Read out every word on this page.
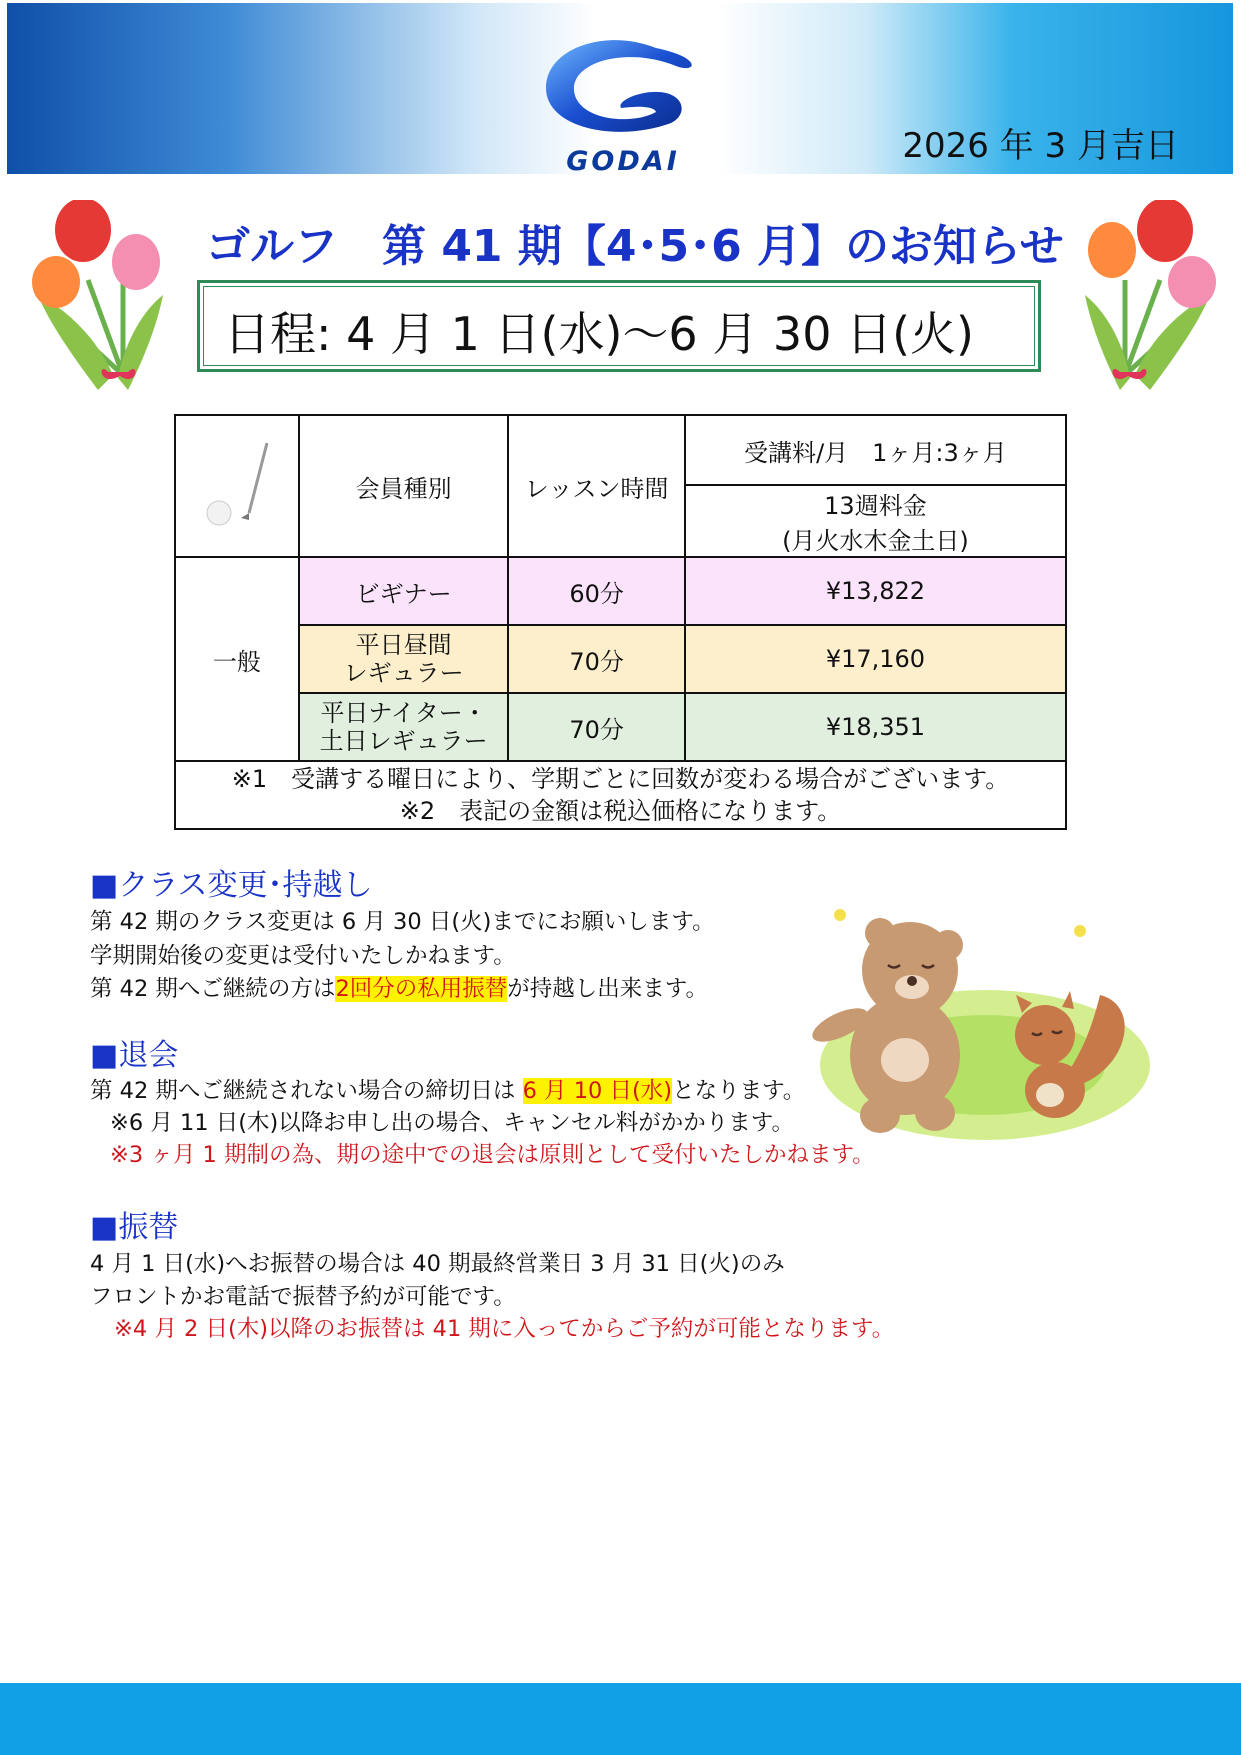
GODAI	2026 年 3 月吉日
ゴルフ　第 41 期【4･5･6 月】のお知らせ
日程: 4 月 1 日(水)～6 月 30 日(火)
	会員種別	レッスン時間	受講料/月　1ヶ月:3ヶ月

			13週料金
(月火水木金土日)

一般	ビギナー	60分	¥13,822

	平日昼間
レギュラー	70分	¥17,160

	平日ナイター・
土日レギュラー	70分	¥18,351

※1　受講する曜日により、学期ごとに回数が変わる場合がございます。
※2　表記の金額は税込価格になります。			
■クラス変更･持越し
第 42 期のクラス変更は 6 月 30 日(火)までにお願いします。
学期開始後の変更は受付いたしかねます。
第 42 期へご継続の方は2回分の私用振替が持越し出来ます。
■退会
第 42 期へご継続されない場合の締切日は 6 月 10 日(水)となります。
※6 月 11 日(木)以降お申し出の場合、キャンセル料がかかります。
※3 ヶ月 1 期制の為、期の途中での退会は原則として受付いたしかねます。
■振替
4 月 1 日(水)へお振替の場合は 40 期最終営業日 3 月 31 日(火)のみ
フロントかお電話で振替予約が可能です。
※4 月 2 日(木)以降のお振替は 41 期に入ってからご予約が可能となります。
